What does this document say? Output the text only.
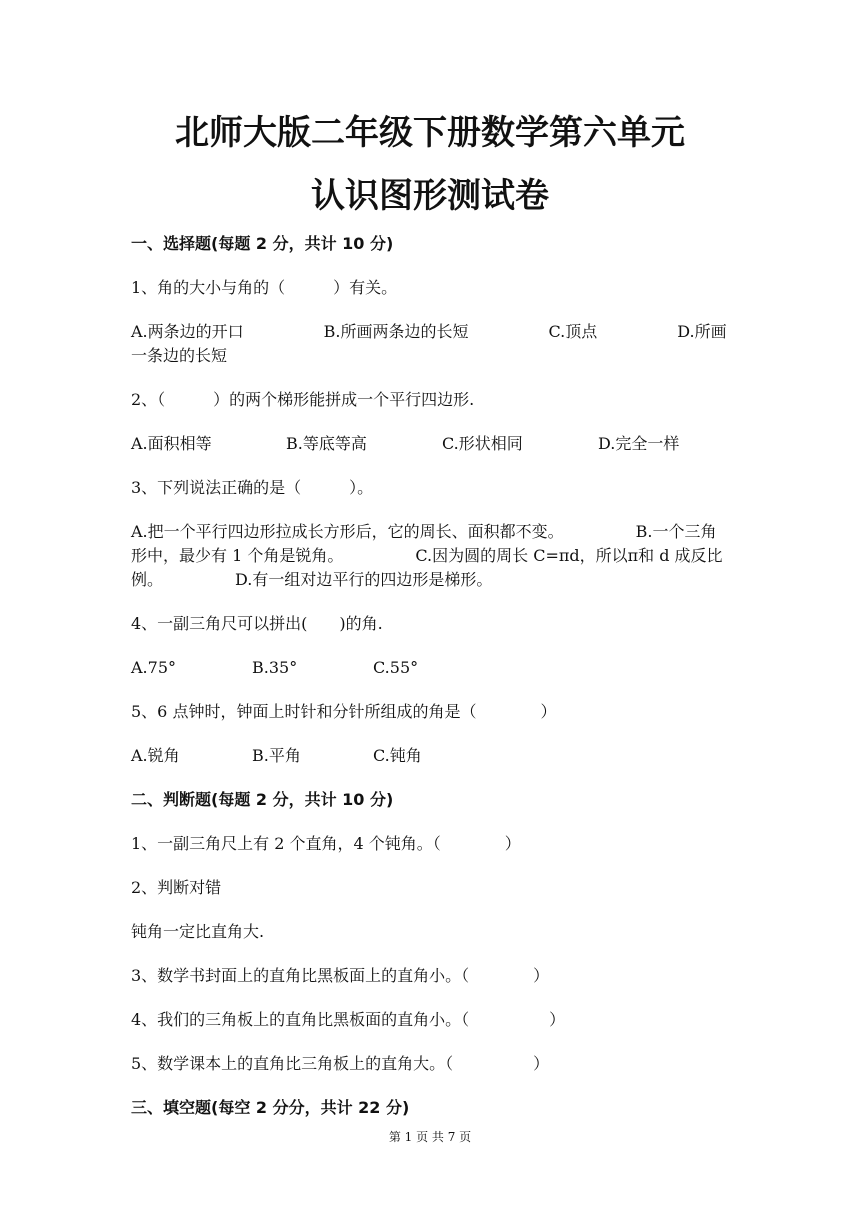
北师大版二年级下册数学第六单元
认识图形测试卷
一、选择题(每题 2 分，共计 10 分)
1、角的大小与角的（　　　）有关。
A.两条边的开口　　　　　B.所画两条边的长短　　　　　C.顶点　　　　　D.所画一条边的长短
2、（　　　）的两个梯形能拼成一个平行四边形.
A.面积相等	B.等底等高	C.形状相同	D.完全一样
3、下列说法正确的是（　　　）。
A.把一个平行四边形拉成长方形后，它的周长、面积都不变。　　　　　B.一个三角形中，最少有 1 个角是锐角。　　　　　C.因为圆的周长 C=πd，所以π和 d 成反比例。　　　　　D.有一组对边平行的四边形是梯形。
4、一副三角尺可以拼出(　　)的角.
A.75°	B.35°	C.55°
5、6 点钟时，钟面上时针和分针所组成的角是（　　　　）
A.锐角	B.平角	C.钝角
二、判断题(每题 2 分，共计 10 分)
1、一副三角尺上有 2 个直角，4 个钝角。（　　　　）
2、判断对错
钝角一定比直角大.
3、数学书封面上的直角比黑板面上的直角小。（　　　　）
4、我们的三角板上的直角比黑板面的直角小。（　　　　　）
5、数学课本上的直角比三角板上的直角大。（　　　　　）
三、填空题(每空 2 分分，共计 22 分)
第 1 页 共 7 页
